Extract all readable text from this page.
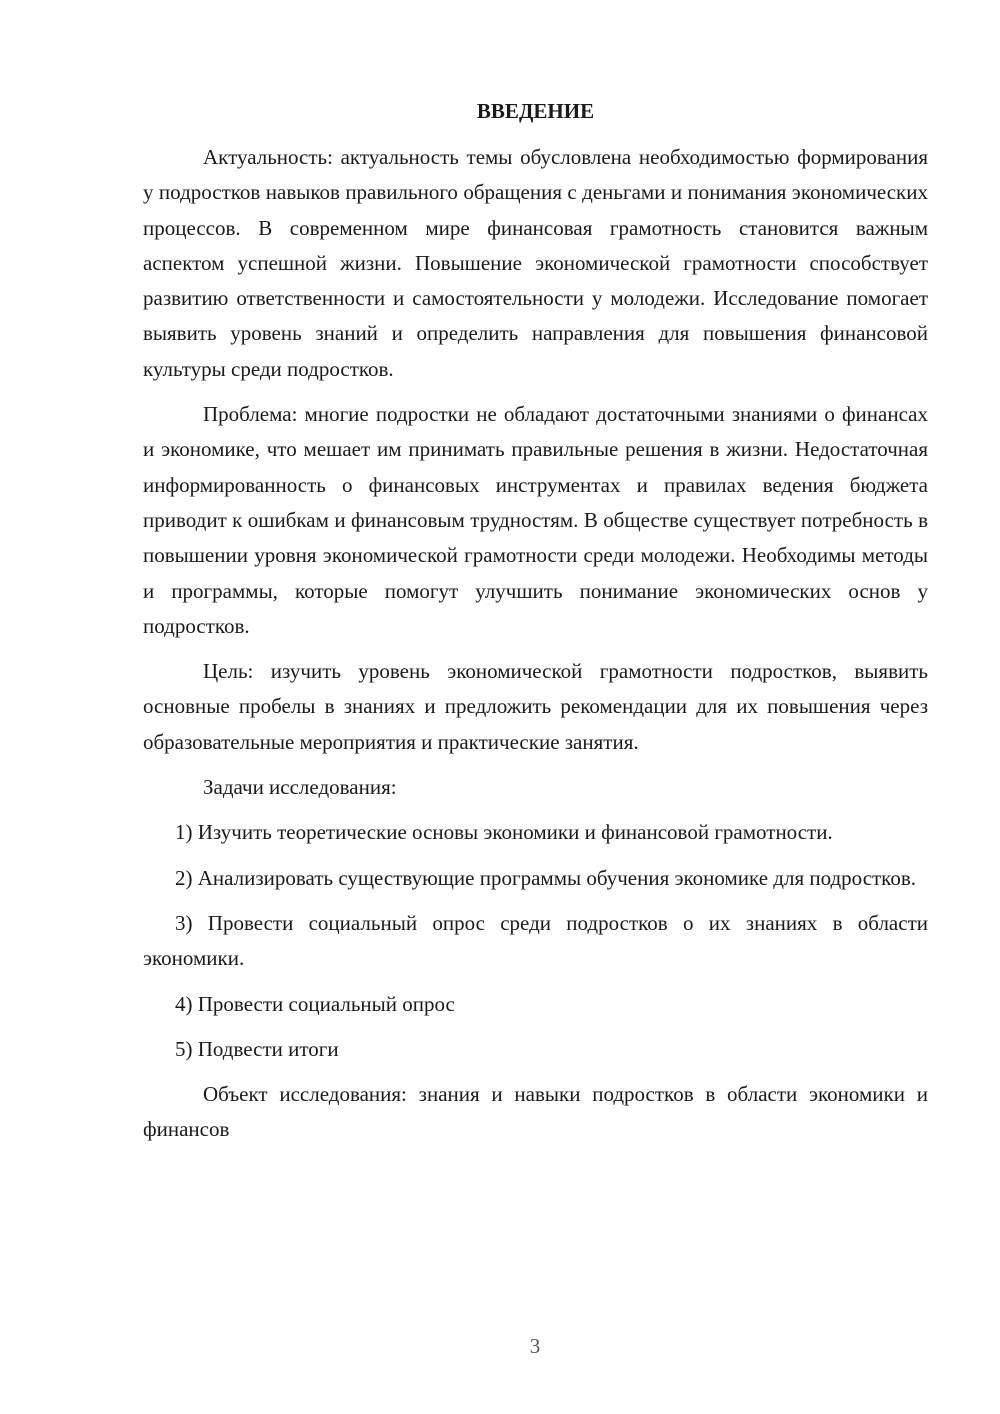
ВВЕДЕНИЕ

Актуальность: актуальность темы обусловлена необходимостью формирования у подростков навыков правильного обращения с деньгами и понимания экономических процессов. В современном мире финансовая грамотность становится важным аспектом успешной жизни. Повышение экономической грамотности способствует развитию ответственности и самостоятельности у молодежи. Исследование помогает выявить уровень знаний и определить направления для повышения финансовой культуры среди подростков.

Проблема: многие подростки не обладают достаточными знаниями о финансах и экономике, что мешает им принимать правильные решения в жизни. Недостаточная информированность о финансовых инструментах и правилах ведения бюджета приводит к ошибкам и финансовым трудностям. В обществе существует потребность в повышении уровня экономической грамотности среди молодежи. Необходимы методы и программы, которые помогут улучшить понимание экономических основ у подростков.

Цель: изучить уровень экономической грамотности подростков, выявить основные пробелы в знаниях и предложить рекомендации для их повышения через образовательные мероприятия и практические занятия.

Задачи исследования:

1) Изучить теоретические основы экономики и финансовой грамотности.

2) Анализировать существующие программы обучения экономике для подростков.

3) Провести социальный опрос среди подростков о их знаниях в области экономики.

4) Провести социальный опрос

5) Подвести итоги

Объект исследования: знания и навыки подростков в области экономики и финансов

3
